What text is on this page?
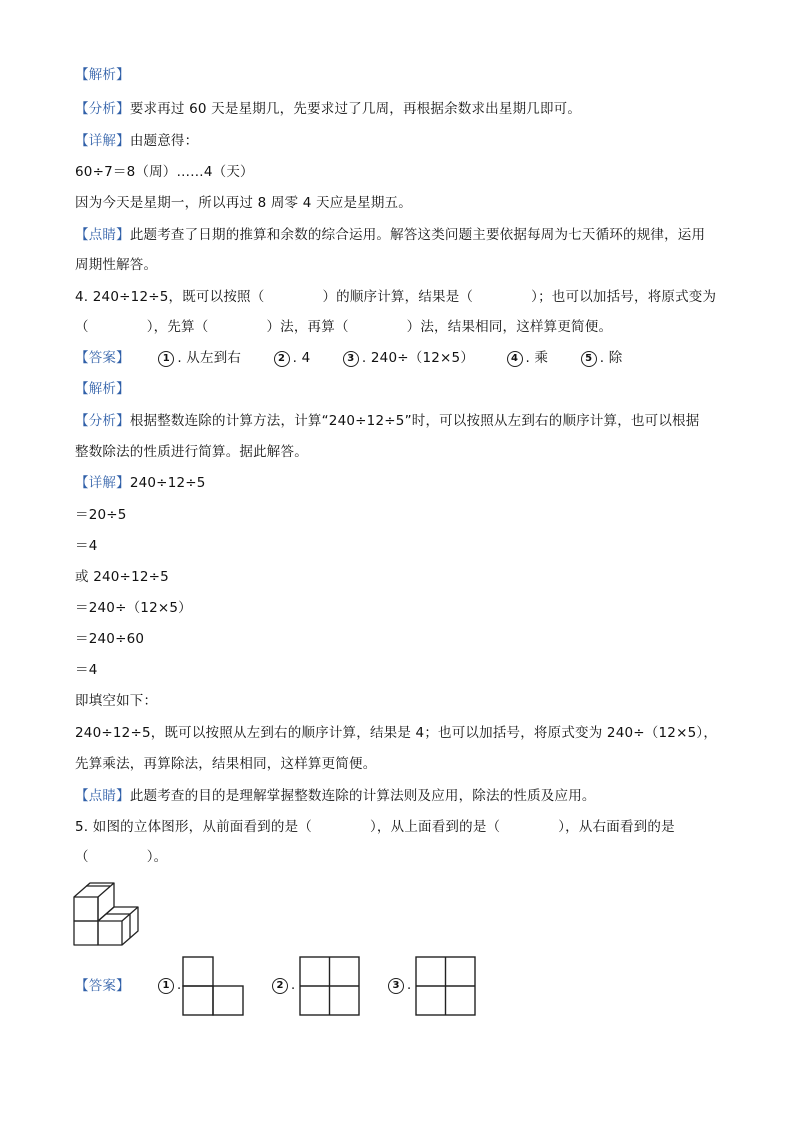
【解析】
【分析】要求再过 60 天是星期几，先要求过了几周，再根据余数求出星期几即可。
【详解】由题意得：
60÷7＝8（周）……4（天）
因为今天是星期一，所以再过 8 周零 4 天应是星期五。
【点睛】此题考查了日期的推算和余数的综合运用。解答这类问题主要依据每周为七天循环的规律，运用
周期性解答。
4. 240÷12÷5，既可以按照（	）的顺序计算，结果是（	）；也可以加括号，将原式变为
（	），先算（	）法，再算（	）法，结果相同，这样算更简便。
【答案】	1 . 从左到右	2 . 4	3 . 240÷（12×5）	4 . 乘	5 . 除
【解析】
【分析】根据整数连除的计算方法，计算“240÷12÷5”时，可以按照从左到右的顺序计算，也可以根据
整数除法的性质进行简算。据此解答。
【详解】240÷12÷5
＝20÷5
＝4
或 240÷12÷5
＝240÷（12×5）
＝240÷60
＝4
即填空如下：
240÷12÷5，既可以按照从左到右的顺序计算，结果是 4；也可以加括号，将原式变为 240÷（12×5），
先算乘法，再算除法，结果相同，这样算更简便。
【点睛】此题考查的目的是理解掌握整数连除的计算法则及应用，除法的性质及应用。
5. 如图的立体图形，从前面看到的是（	），从上面看到的是（	），从右面看到的是
（	）。
【答案】	1 .	2 .	3 .
